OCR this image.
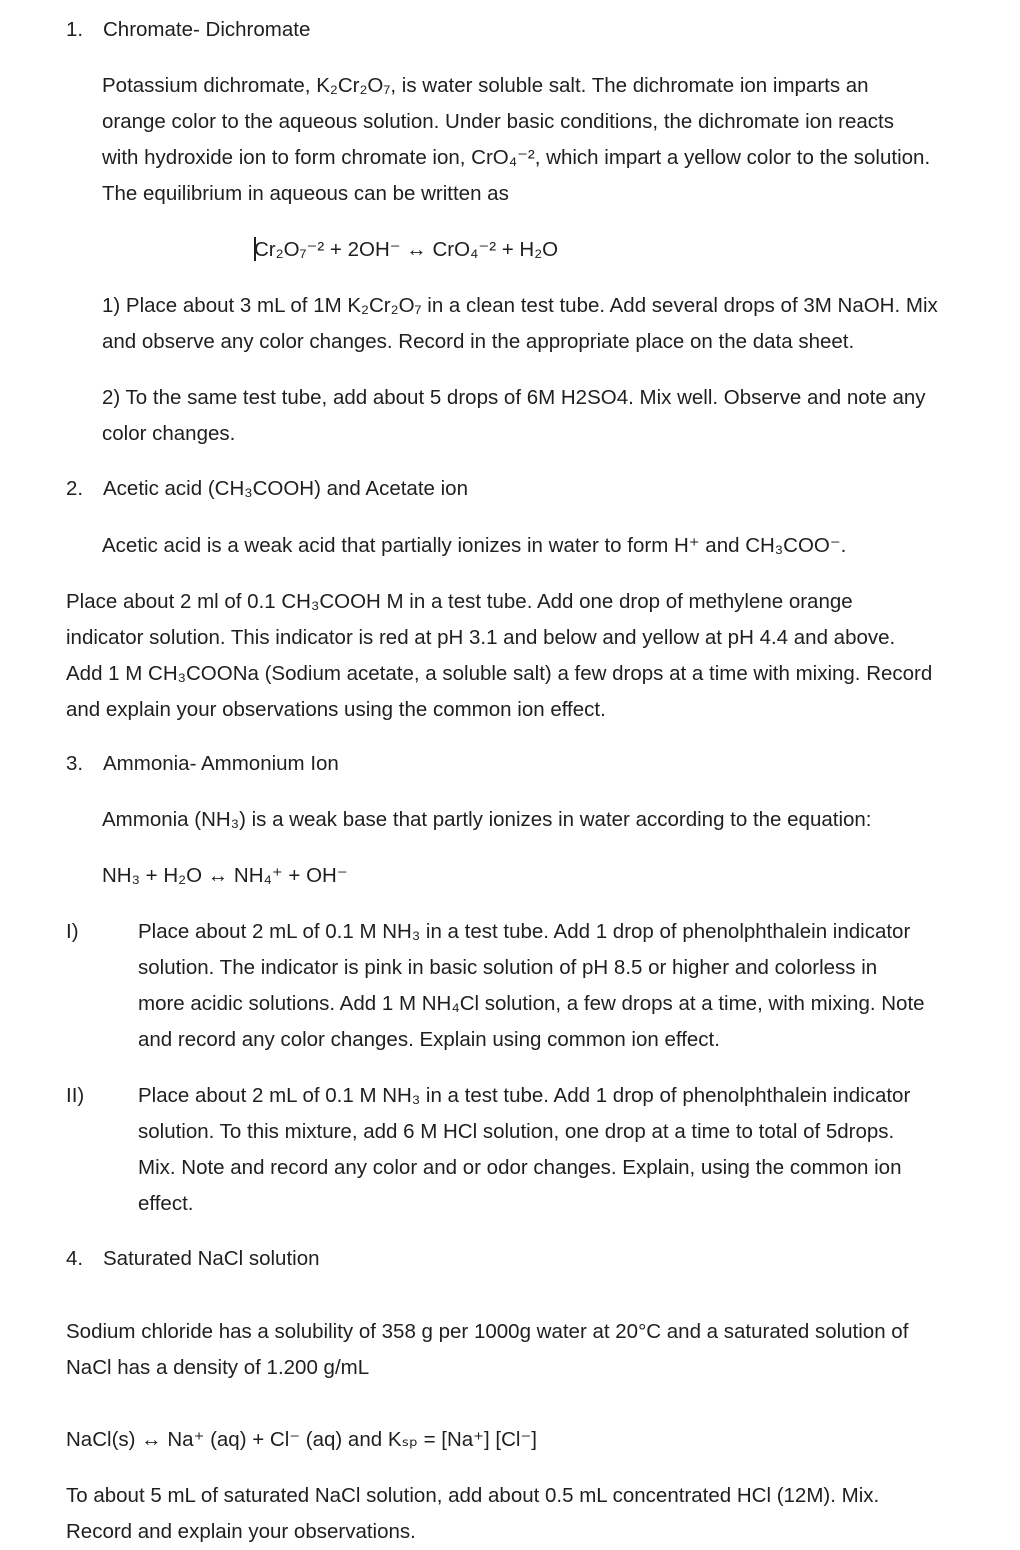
1. Chromate- Dichromate
Potassium dichromate, K₂Cr₂O₇, is water soluble salt. The dichromate ion imparts an
orange color to the aqueous solution. Under basic conditions, the dichromate ion reacts
with hydroxide ion to form chromate ion, CrO₄⁻², which impart a yellow color to the solution.
The equilibrium in aqueous can be written as
Cr₂O₇⁻² + 2OH⁻ ↔ CrO₄⁻² + H₂O
1) Place about 3 mL of 1M K₂Cr₂O₇ in a clean test tube. Add several drops of 3M NaOH. Mix
and observe any color changes. Record in the appropriate place on the data sheet.
2) To the same test tube, add about 5 drops of 6M H2SO4. Mix well. Observe and note any
color changes.
2. Acetic acid (CH₃COOH) and Acetate ion
Acetic acid is a weak acid that partially ionizes in water to form H⁺ and CH₃COO⁻.
Place about 2 ml of 0.1 CH₃COOH M in a test tube. Add one drop of methylene orange
indicator solution. This indicator is red at pH 3.1 and below and yellow at pH 4.4 and above.
Add 1 M CH₃COONa (Sodium acetate, a soluble salt) a few drops at a time with mixing. Record
and explain your observations using the common ion effect.
3. Ammonia- Ammonium Ion
Ammonia (NH₃) is a weak base that partly ionizes in water according to the equation:
NH₃ + H₂O ↔ NH₄⁺ + OH⁻
I)	Place about 2 mL of 0.1 M NH₃ in a test tube. Add 1 drop of phenolphthalein indicator
solution. The indicator is pink in basic solution of pH 8.5 or higher and colorless in
more acidic solutions. Add 1 M NH₄Cl solution, a few drops at a time, with mixing. Note
and record any color changes. Explain using common ion effect.
II)	Place about 2 mL of 0.1 M NH₃ in a test tube. Add 1 drop of phenolphthalein indicator
solution. To this mixture, add 6 M HCl solution, one drop at a time to total of 5drops.
Mix. Note and record any color and or odor changes. Explain, using the common ion
effect.
4. Saturated NaCl solution
Sodium chloride has a solubility of 358 g per 1000g water at 20°C and a saturated solution of
NaCl has a density of 1.200 g/mL
NaCl(s) ↔ Na⁺ (aq) + Cl⁻ (aq) and Kₛₚ = [Na⁺] [Cl⁻]
To about 5 mL of saturated NaCl solution, add about 0.5 mL concentrated HCl (12M). Mix.
Record and explain your observations.
